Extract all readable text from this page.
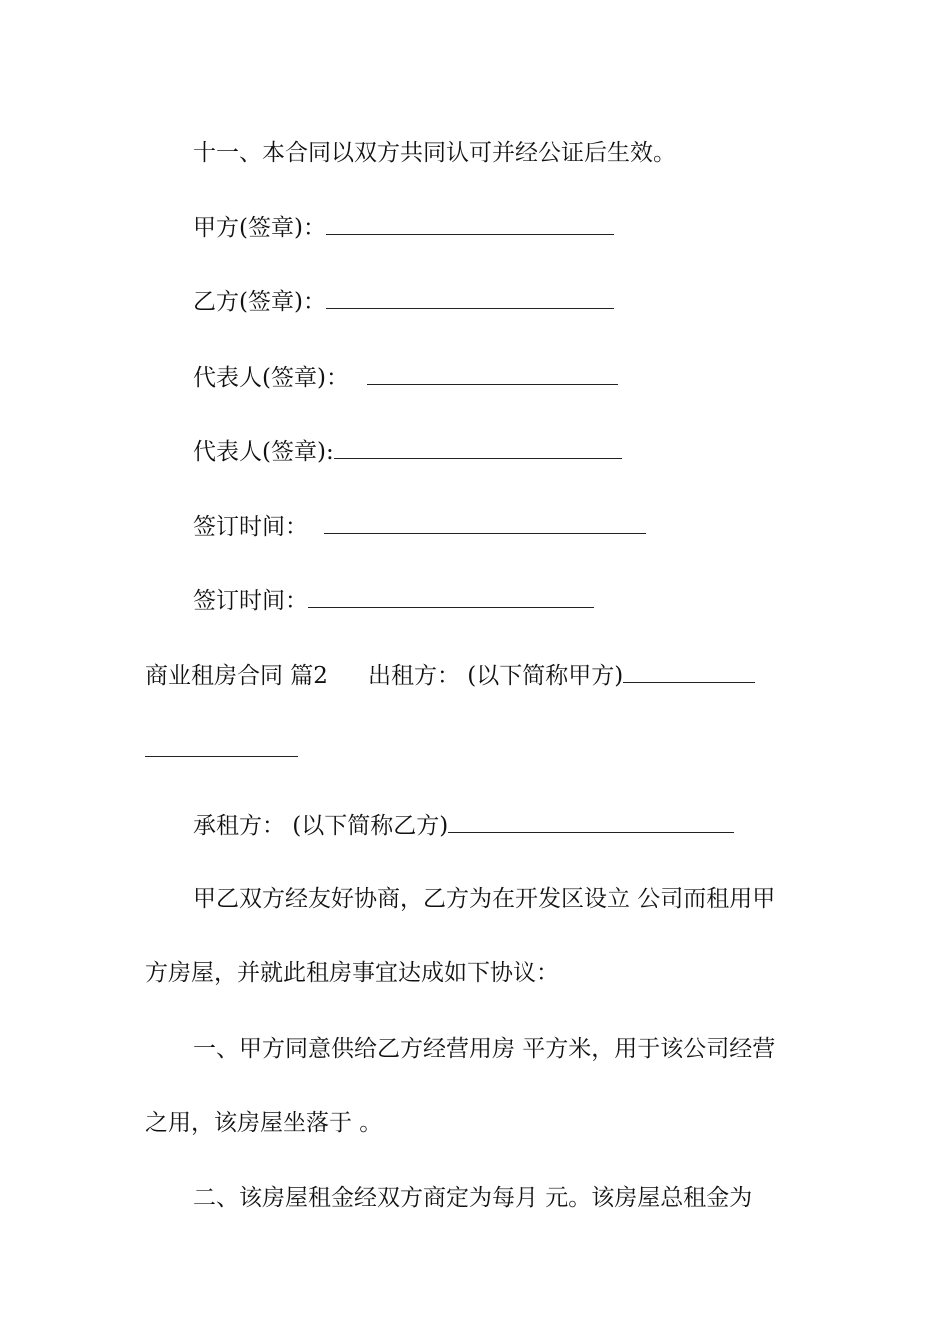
十一、本合同以双方共同认可并经公证后生效。
甲方(签章)：
乙方(签章)：
代表人(签章)：
代表人(签章):
签订时间：
签订时间：
商业租房合同 篇2 出租方： (以下简称甲方)
承租方： (以下简称乙方)
甲乙双方经友好协商，乙方为在开发区设立 公司而租用甲
方房屋，并就此租房事宜达成如下协议：
一、甲方同意供给乙方经营用房 平方米，用于该公司经营
之用，该房屋坐落于 。
二、该房屋租金经双方商定为每月 元。该房屋总租金为
